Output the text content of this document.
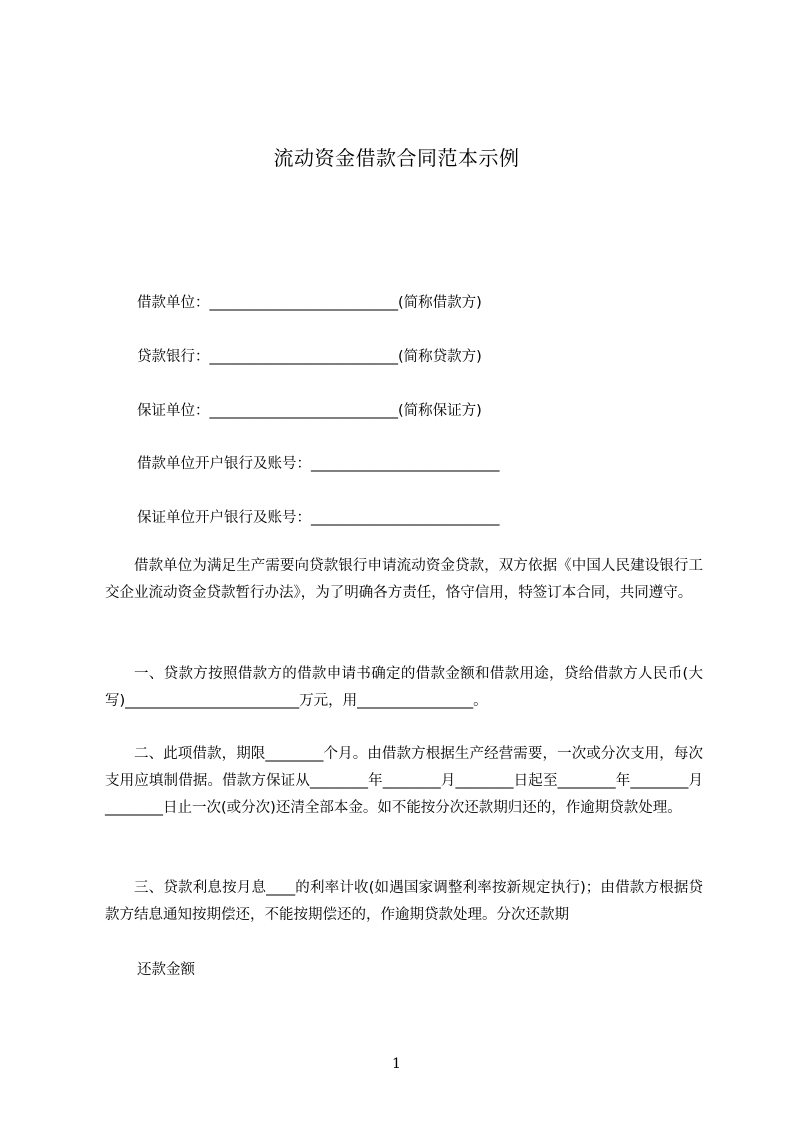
流动资金借款合同范本示例
借款单位：__________________________(简称借款方)
贷款银行：__________________________(简称贷款方)
保证单位：__________________________(简称保证方)
借款单位开户银行及账号：__________________________
保证单位开户银行及账号：__________________________
借款单位为满足生产需要向贷款银行申请流动资金贷款，双方依据《中国人民建设银行工交企业流动资金贷款暂行办法》，为了明确各方责任，恪守信用，特签订本合同，共同遵守。
一、贷款方按照借款方的借款申请书确定的借款金额和借款用途，贷给借款方人民币(大写)________________________万元，用________________。
二、此项借款，期限________个月。由借款方根据生产经营需要，一次或分次支用，每次支用应填制借据。借款方保证从________年________月________日起至________年________月________日止一次(或分次)还清全部本金。如不能按分次还款期归还的，作逾期贷款处理。
三、贷款利息按月息____的利率计收(如遇国家调整利率按新规定执行)；由借款方根据贷款方结息通知按期偿还，不能按期偿还的，作逾期贷款处理。分次还款期
还款金额
1
